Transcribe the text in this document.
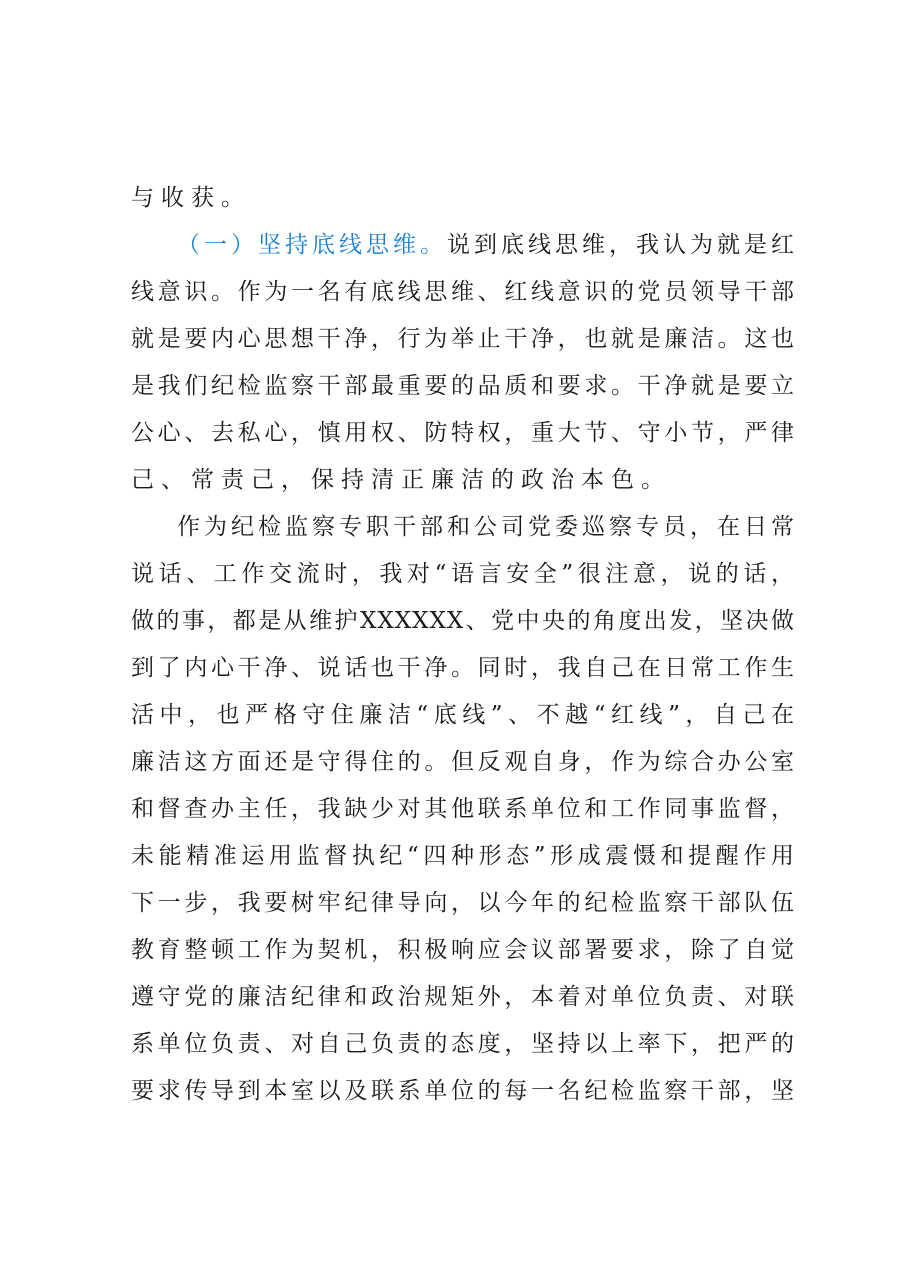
与收获。
（一）坚持底线思维。说到底线思维，我认为就是红
线意识。作为一名有底线思维、红线意识的党员领导干部
就是要内心思想干净，行为举止干净，也就是廉洁。这也
是我们纪检监察干部最重要的品质和要求。干净就是要立
公心、去私心，慎用权、防特权，重大节、守小节，严律
己、常责己，保持清正廉洁的政治本色。
作为纪检监察专职干部和公司党委巡察专员，在日常
说话、工作交流时，我对“语言安全”很注意，说的话，
做的事，都是从维护XXXXXX、党中央的角度出发，坚决做
到了内心干净、说话也干净。同时，我自己在日常工作生
活中，也严格守住廉洁“底线”、不越“红线”，自己在
廉洁这方面还是守得住的。但反观自身，作为综合办公室
和督查办主任，我缺少对其他联系单位和工作同事监督，
未能精准运用监督执纪“四种形态”形成震慑和提醒作用
下一步，我要树牢纪律导向，以今年的纪检监察干部队伍
教育整顿工作为契机，积极响应会议部署要求，除了自觉
遵守党的廉洁纪律和政治规矩外，本着对单位负责、对联
系单位负责、对自己负责的态度，坚持以上率下，把严的
要求传导到本室以及联系单位的每一名纪检监察干部，坚
